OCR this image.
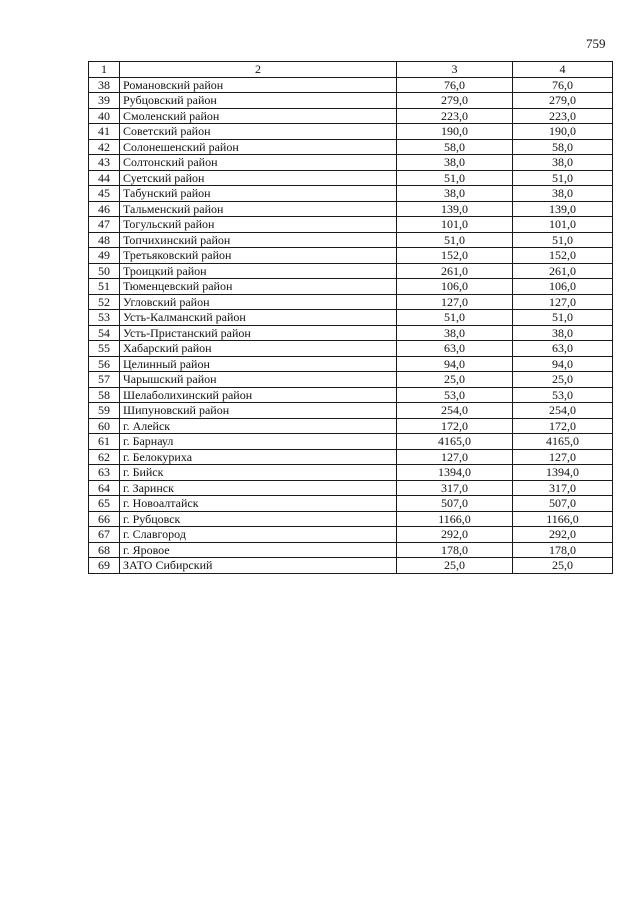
759
1	2	3	4
38	Романовский район	76,0	76,0
39	Рубцовский район	279,0	279,0
40	Смоленский район	223,0	223,0
41	Советский район	190,0	190,0
42	Солонешенский район	58,0	58,0
43	Солтонский район	38,0	38,0
44	Суетский район	51,0	51,0
45	Табунский район	38,0	38,0
46	Тальменский район	139,0	139,0
47	Тогульский район	101,0	101,0
48	Топчихинский район	51,0	51,0
49	Третьяковский район	152,0	152,0
50	Троицкий район	261,0	261,0
51	Тюменцевский район	106,0	106,0
52	Угловский район	127,0	127,0
53	Усть-Калманский район	51,0	51,0
54	Усть-Пристанский район	38,0	38,0
55	Хабарский район	63,0	63,0
56	Целинный район	94,0	94,0
57	Чарышский район	25,0	25,0
58	Шелаболихинский район	53,0	53,0
59	Шипуновский район	254,0	254,0
60	г. Алейск	172,0	172,0
61	г. Барнаул	4165,0	4165,0
62	г. Белокуриха	127,0	127,0
63	г. Бийск	1394,0	1394,0
64	г. Заринск	317,0	317,0
65	г. Новоалтайск	507,0	507,0
66	г. Рубцовск	1166,0	1166,0
67	г. Славгород	292,0	292,0
68	г. Яровое	178,0	178,0
69	ЗАТО Сибирский	25,0	25,0
